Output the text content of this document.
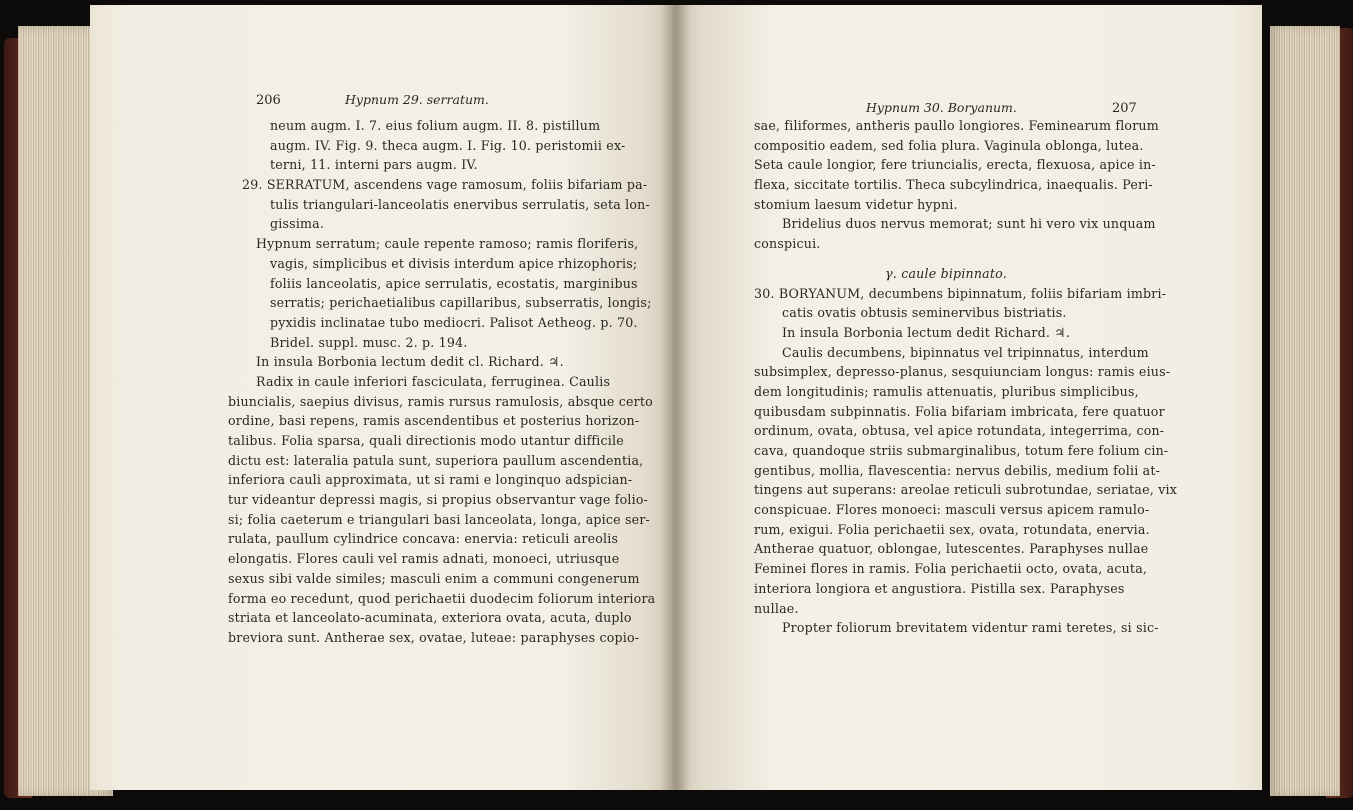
206	Hypnum 29. serratum.
Hypnum 30. Boryanum.	207
neum augm. I. 7. eius folium augm. II. 8. pistillum
augm. IV. Fig. 9. theca augm. I. Fig. 10. peristomii ex-
terni, 11. interni pars augm. IV.
29. SERRATUM, ascendens vage ramosum, foliis bifariam pa-
tulis triangulari-lanceolatis enervibus serrulatis, seta lon-
gissima.
Hypnum serratum; caule repente ramoso; ramis floriferis,
vagis, simplicibus et divisis interdum apice rhizophoris;
foliis lanceolatis, apice serrulatis, ecostatis, marginibus
serratis; perichaetialibus capillaribus, subserratis, longis;
pyxidis inclinatae tubo mediocri. Palisot Aetheog. p. 70.
Bridel. suppl. musc. 2. p. 194.
In insula Borbonia lectum dedit cl. Richard. ♃.
Radix in caule inferiori fasciculata, ferruginea. Caulis
biuncialis, saepius divisus, ramis rursus ramulosis, absque certo
ordine, basi repens, ramis ascendentibus et posterius horizon-
talibus. Folia sparsa, quali directionis modo utantur difficile
dictu est: lateralia patula sunt, superiora paullum ascendentia,
inferiora cauli approximata, ut si rami e longinquo adspician-
tur videantur depressi magis, si propius observantur vage folio-
si; folia caeterum e triangulari basi lanceolata, longa, apice ser-
rulata, paullum cylindrice concava: enervia: reticuli areolis
elongatis. Flores cauli vel ramis adnati, monoeci, utriusque
sexus sibi valde similes; masculi enim a communi congenerum
forma eo recedunt, quod perichaetii duodecim foliorum interiora
striata et lanceolato-acuminata, exteriora ovata, acuta, duplo
breviora sunt. Antherae sex, ovatae, luteae: paraphyses copio-
sae, filiformes, antheris paullo longiores. Feminearum florum
compositio eadem, sed folia plura. Vaginula oblonga, lutea.
Seta caule longior, fere triuncialis, erecta, flexuosa, apice in-
flexa, siccitate tortilis. Theca subcylindrica, inaequalis. Peri-
stomium laesum videtur hypni.
Bridelius duos nervus memorat; sunt hi vero vix unquam
conspicui.
γ. caule bipinnato.
30. BORYANUM, decumbens bipinnatum, foliis bifariam imbri-
catis ovatis obtusis seminervibus bistriatis.
In insula Borbonia lectum dedit Richard. ♃.
Caulis decumbens, bipinnatus vel tripinnatus, interdum
subsimplex, depresso-planus, sesquiunciam longus: ramis eius-
dem longitudinis; ramulis attenuatis, pluribus simplicibus,
quibusdam subpinnatis. Folia bifariam imbricata, fere quatuor
ordinum, ovata, obtusa, vel apice rotundata, integerrima, con-
cava, quandoque striis submarginalibus, totum fere folium cin-
gentibus, mollia, flavescentia: nervus debilis, medium folii at-
tingens aut superans: areolae reticuli subrotundae, seriatae, vix
conspicuae. Flores monoeci: masculi versus apicem ramulo-
rum, exigui. Folia perichaetii sex, ovata, rotundata, enervia.
Antherae quatuor, oblongae, lutescentes. Paraphyses nullae
Feminei flores in ramis. Folia perichaetii octo, ovata, acuta,
interiora longiora et angustiora. Pistilla sex. Paraphyses
nullae.
Propter foliorum brevitatem videntur rami teretes, si sic-
